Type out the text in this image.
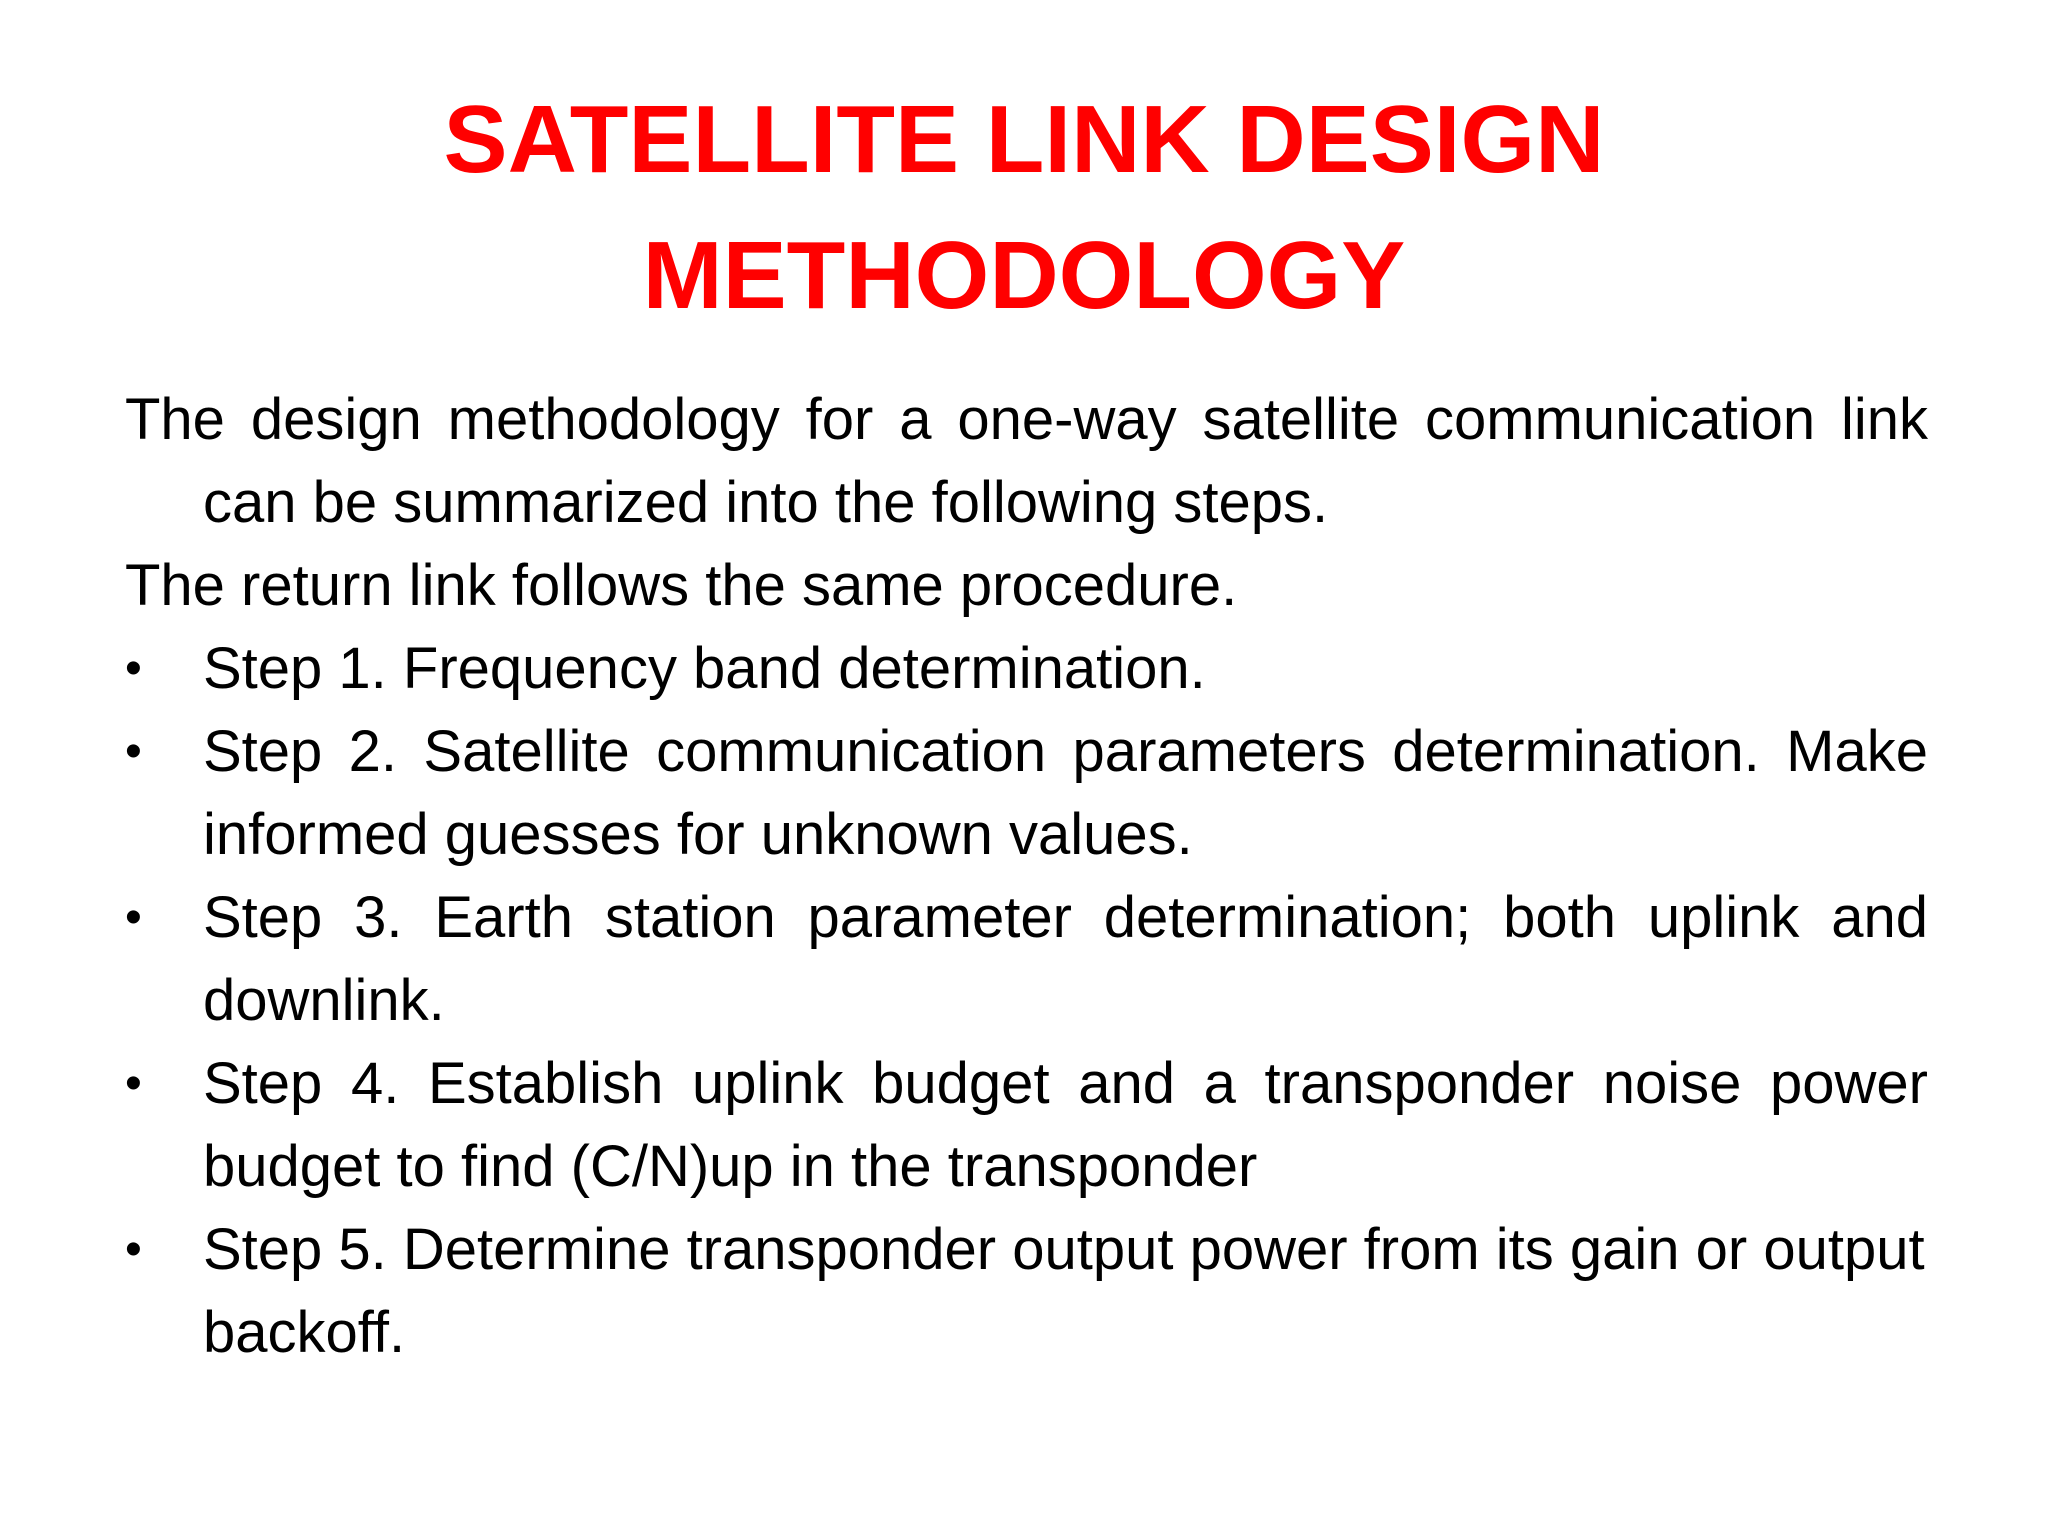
SATELLITE LINK DESIGN
METHODOLOGY

The design methodology for a one-way satellite communication link can be summarized into the following steps.

The return link follows the same procedure.

•	Step 1. Frequency band determination.
•	Step 2. Satellite communication parameters determination. Make informed guesses for unknown values.
•	Step 3. Earth station parameter determination; both uplink and      downlink.
•	Step 4. Establish uplink budget and a transponder noise power budget to find (C/N)up in the transponder
•	Step 5. Determine transponder output power from its gain or output backoff.
